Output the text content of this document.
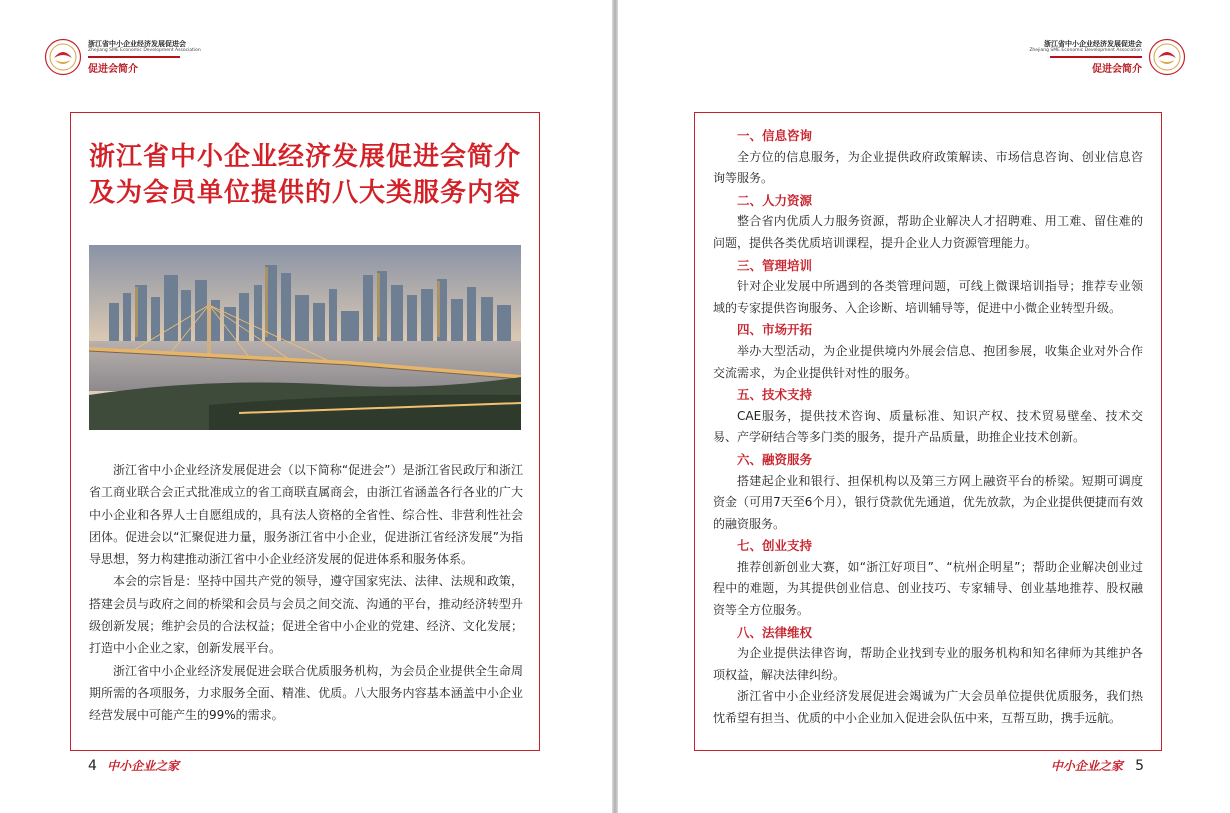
浙江省中小企业经济发展促进会
Zhejiang SME Economic Development Association
促进会简介
浙江省中小企业经济发展促进会简介
及为会员单位提供的八大类服务内容

浙江省中小企业经济发展促进会（以下简称“促进会”）是浙江省民政厅和浙江省工商业联合会正式批准成立的省工商联直属商会，由浙江省涵盖各行各业的广大中小企业和各界人士自愿组成的，具有法人资格的全省性、综合性、非营利性社会团体。促进会以“汇聚促进力量，服务浙江省中小企业，促进浙江省经济发展”为指导思想，努力构建推动浙江省中小企业经济发展的促进体系和服务体系。

本会的宗旨是：坚持中国共产党的领导，遵守国家宪法、法律、法规和政策，搭建会员与政府之间的桥梁和会员与会员之间交流、沟通的平台，推动经济转型升级创新发展；维护会员的合法权益；促进全省中小企业的党建、经济、文化发展；打造中小企业之家，创新发展平台。

浙江省中小企业经济发展促进会联合优质服务机构，为会员企业提供全生命周期所需的各项服务，力求服务全面、精准、优质。八大服务内容基本涵盖中小企业经营发展中可能产生的99%的需求。

4 中小企业之家
浙江省中小企业经济发展促进会
Zhejiang SME Economic Development Association
促进会简介
一、信息咨询

全方位的信息服务，为企业提供政府政策解读、市场信息咨询、创业信息咨询等服务。

二、人力资源

整合省内优质人力服务资源，帮助企业解决人才招聘难、用工难、留住难的问题，提供各类优质培训课程，提升企业人力资源管理能力。

三、管理培训

针对企业发展中所遇到的各类管理问题，可线上微课培训指导；推荐专业领域的专家提供咨询服务、入企诊断、培训辅导等，促进中小微企业转型升级。

四、市场开拓

举办大型活动，为企业提供境内外展会信息、抱团参展，收集企业对外合作交流需求，为企业提供针对性的服务。

五、技术支持

CAE服务，提供技术咨询、质量标准、知识产权、技术贸易壁垒、技术交易、产学研结合等多门类的服务，提升产品质量，助推企业技术创新。

六、融资服务

搭建起企业和银行、担保机构以及第三方网上融资平台的桥梁。短期可调度资金（可用7天至6个月），银行贷款优先通道，优先放款，为企业提供便捷而有效的融资服务。

七、创业支持

推荐创新创业大赛，如“浙江好项目”、“杭州企明星”；帮助企业解决创业过程中的难题，为其提供创业信息、创业技巧、专家辅导、创业基地推荐、股权融资等全方位服务。

八、法律维权

为企业提供法律咨询，帮助企业找到专业的服务机构和知名律师为其维护各项权益，解决法律纠纷。

浙江省中小企业经济发展促进会竭诚为广大会员单位提供优质服务，我们热忱希望有担当、优质的中小企业加入促进会队伍中来，互帮互助，携手远航。

中小企业之家 5
